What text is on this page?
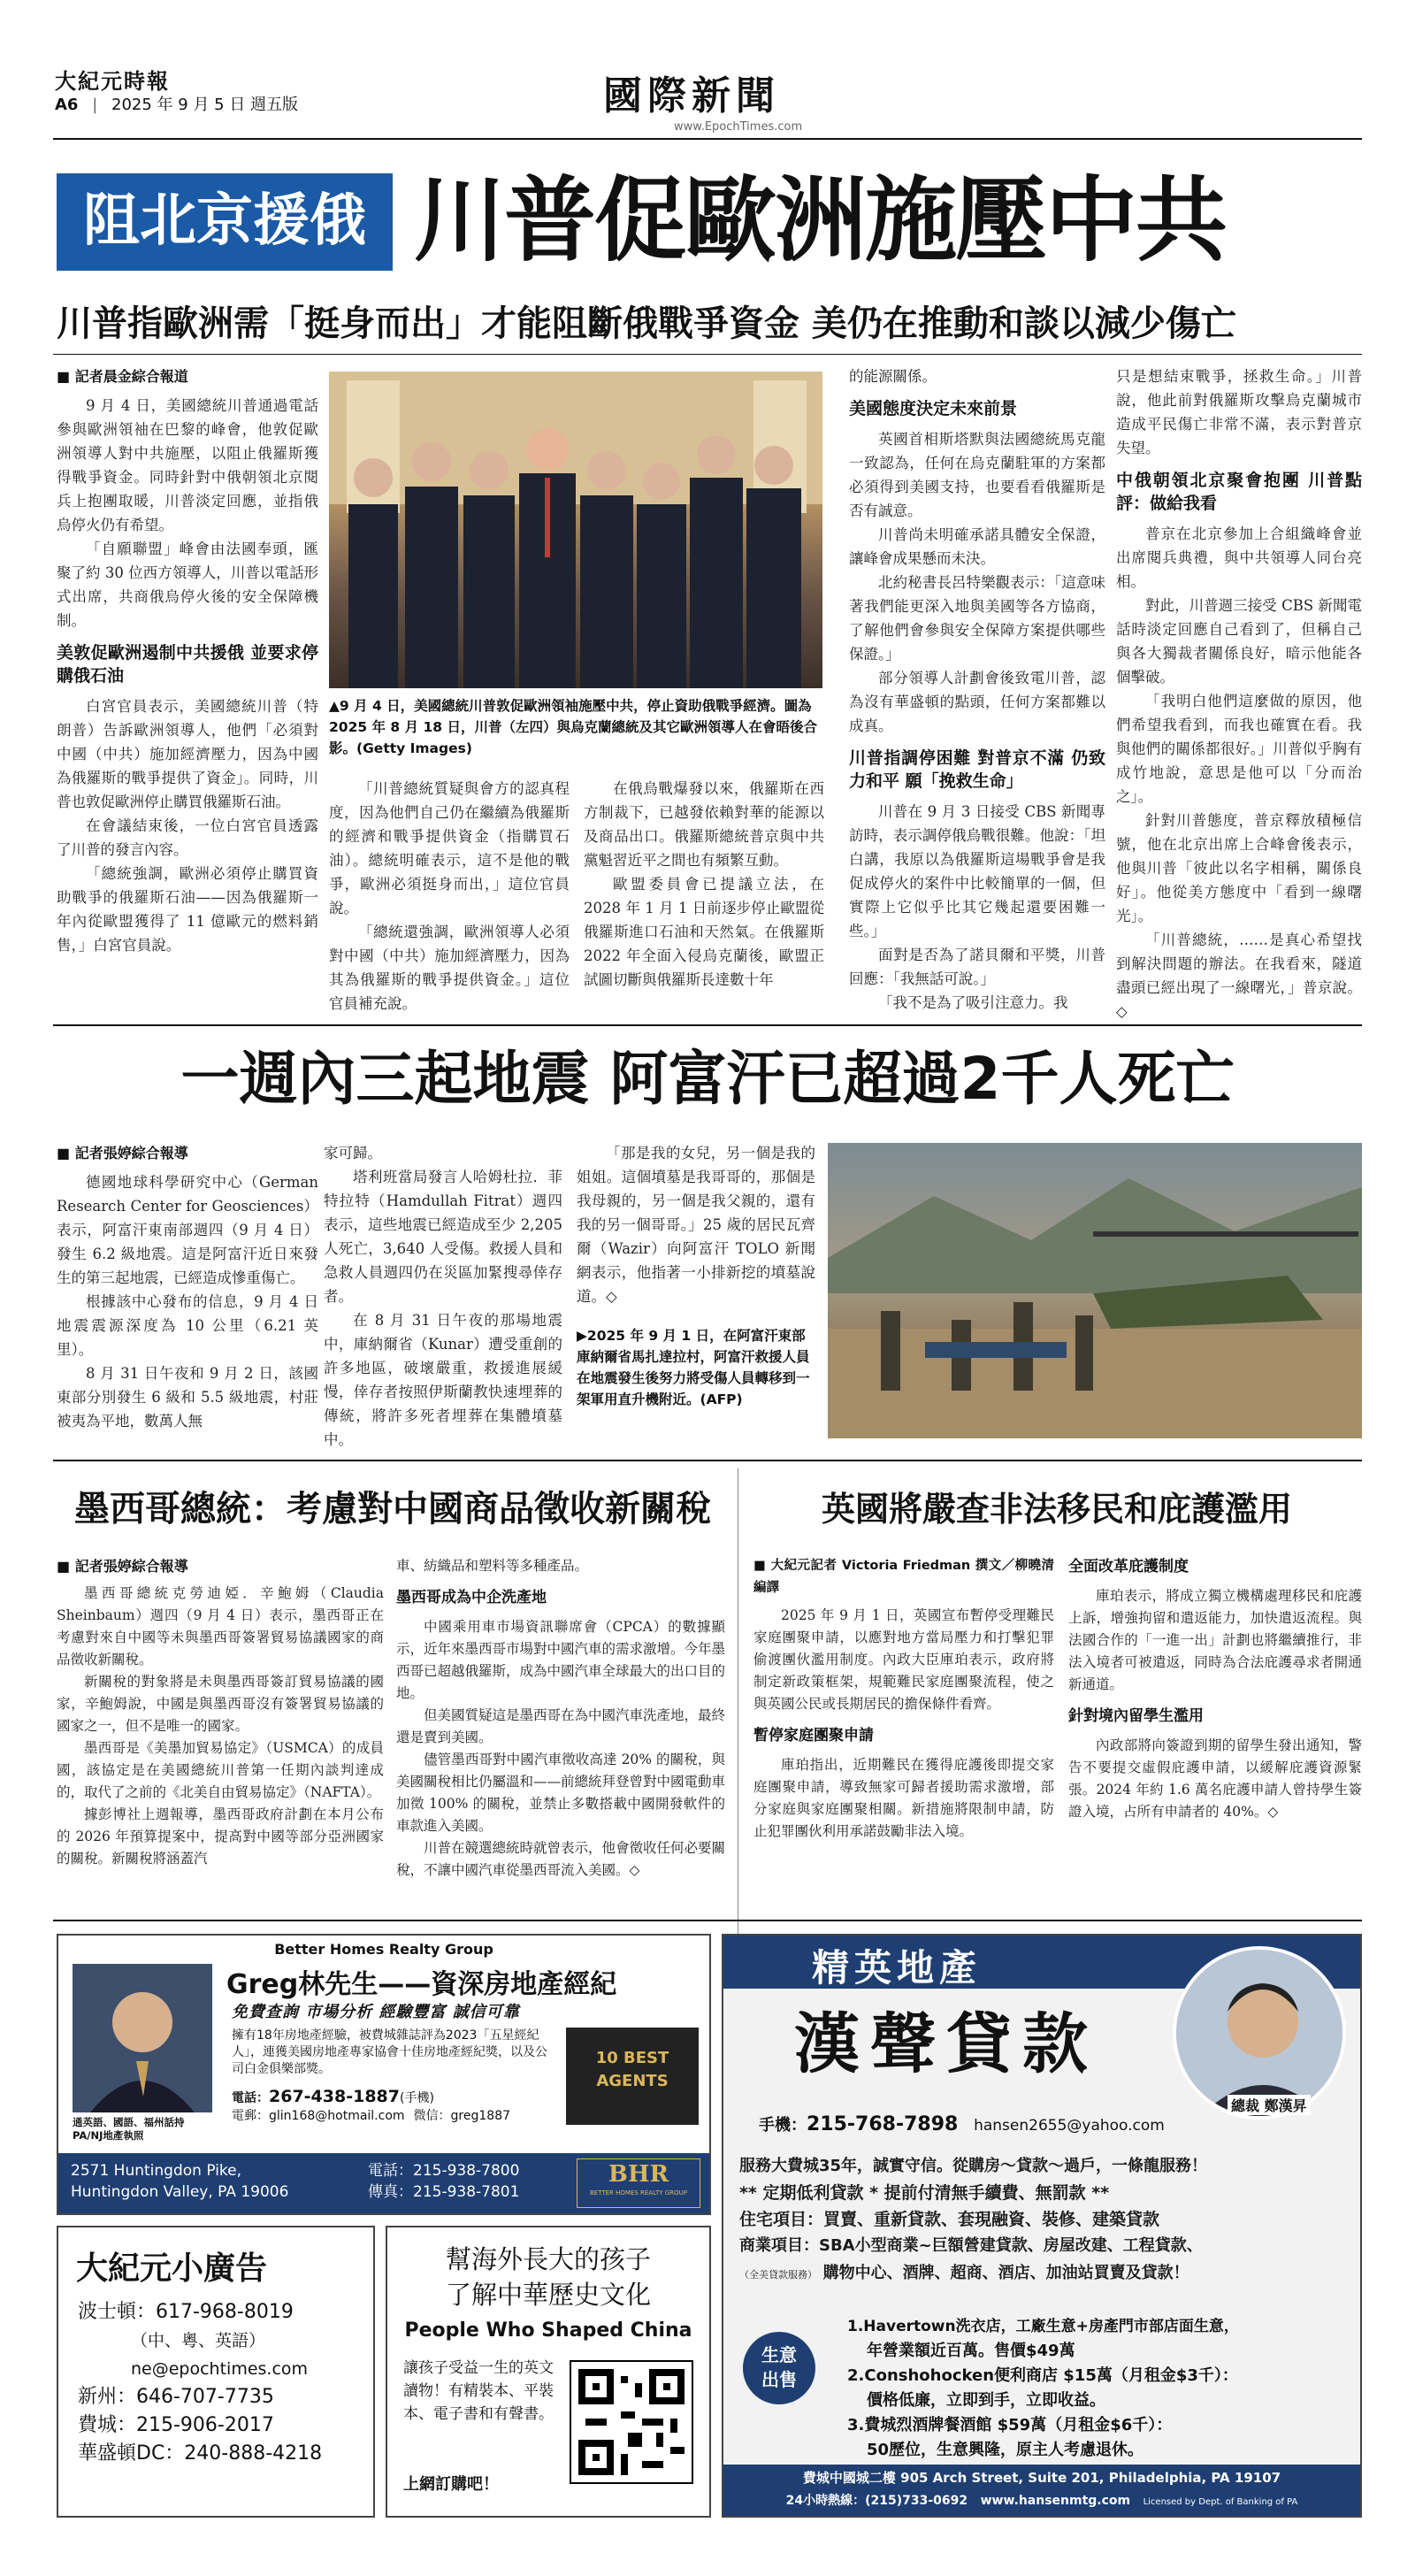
大紀元時報
A6 | 2025 年 9 月 5 日 週五版	國際新聞
www.EpochTimes.com
阻北京援俄 川普促歐洲施壓中共
川普指歐洲需「挺身而出」才能阻斷俄戰爭資金 美仍在推動和談以減少傷亡
■ 記者晨金綜合報道

9 月 4 日，美國總統川普通過電話參與歐洲領袖在巴黎的峰會，他敦促歐洲領導人對中共施壓，以阻止俄羅斯獲得戰爭資金。同時針對中俄朝領北京閱兵上抱團取暖，川普淡定回應，並指俄烏停火仍有希望。

「自願聯盟」峰會由法國奉頭，匯聚了約 30 位西方領導人，川普以電話形式出席，共商俄烏停火後的安全保障機制。

美敦促歐洲遏制中共援俄 並要求停購俄石油

白宮官員表示，美國總統川普（特朗普）告訴歐洲領導人，他們「必須對中國（中共）施加經濟壓力，因為中國為俄羅斯的戰爭提供了資金」。同時，川普也敦促歐洲停止購買俄羅斯石油。

在會議結束後，一位白宮官員透露了川普的發言內容。

「總統強調，歐洲必須停止購買資助戰爭的俄羅斯石油——因為俄羅斯一年內從歐盟獲得了 11 億歐元的燃料銷售，」白宮官員說。

▲9 月 4 日，美國總統川普敦促歐洲領袖施壓中共，停止資助俄戰爭經濟。圖為 2025 年 8 月 18 日，川普（左四）與烏克蘭總統及其它歐洲領導人在會晤後合影。(Getty Images)

「川普總統質疑與會方的認真程度，因為他們自己仍在繼續為俄羅斯的經濟和戰爭提供資金（指購買石油）。總統明確表示，這不是他的戰爭，歐洲必須挺身而出，」這位官員說。

「總統還強調，歐洲領導人必須對中國（中共）施加經濟壓力，因為其為俄羅斯的戰爭提供資金。」這位官員補充說。

在俄烏戰爆發以來，俄羅斯在西方制裁下，已越發依賴對華的能源以及商品出口。俄羅斯總統普京與中共黨魁習近平之間也有頻繁互動。

歐盟委員會已提議立法，在 2028 年 1 月 1 日前逐步停止歐盟從俄羅斯進口石油和天然氣。在俄羅斯 2022 年全面入侵烏克蘭後，歐盟正試圖切斷與俄羅斯長達數十年

的能源關係。

美國態度決定未來前景

英國首相斯塔默與法國總統馬克龍一致認為，任何在烏克蘭駐軍的方案都必須得到美國支持，也要看看俄羅斯是否有誠意。

川普尚未明確承諾具體安全保證，讓峰會成果懸而未決。

北約秘書長呂特樂觀表示：「這意味著我們能更深入地與美國等各方協商，了解他們會參與安全保障方案提供哪些保證。」

部分領導人計劃會後致電川普，認為沒有華盛頓的點頭，任何方案都難以成真。

川普指調停困難 對普京不滿 仍致力和平 願「挽救生命」

川普在 9 月 3 日接受 CBS 新聞專訪時，表示調停俄烏戰很難。他說：「坦白講，我原以為俄羅斯這場戰爭會是我促成停火的案件中比較簡單的一個，但實際上它似乎比其它幾起還要困難一些。」

面對是否為了諾貝爾和平獎，川普回應：「我無話可說。」

「我不是為了吸引注意力。我

只是想結束戰爭，拯救生命。」川普說，他此前對俄羅斯攻擊烏克蘭城市造成平民傷亡非常不滿，表示對普京失望。

中俄朝領北京聚會抱團 川普點評：做給我看

普京在北京參加上合組織峰會並出席閱兵典禮，與中共領導人同台亮相。

對此，川普週三接受 CBS 新聞電話時淡定回應自己看到了，但稱自己與各大獨裁者關係良好，暗示他能各個擊破。

「我明白他們這麼做的原因，他們希望我看到，而我也確實在看。我與他們的關係都很好。」川普似乎胸有成竹地說，意思是他可以「分而治之」。

針對川普態度，普京釋放積極信號，他在北京出席上合峰會後表示，他與川普「彼此以名字相稱，關係良好」。他從美方態度中「看到一線曙光」。

「川普總統，……是真心希望找到解決問題的辦法。在我看來，隧道盡頭已經出現了一線曙光，」普京說。◇

一週內三起地震 阿富汗已超過2千人死亡
■ 記者張婷綜合報導

德國地球科學研究中心（German Research Center for Geosciences）表示，阿富汗東南部週四（9 月 4 日）發生 6.2 級地震。這是阿富汗近日來發生的第三起地震，已經造成慘重傷亡。

根據該中心發布的信息，9 月 4 日地震震源深度為 10 公里（6.21 英里）。

8 月 31 日午夜和 9 月 2 日，該國東部分別發生 6 級和 5.5 級地震，村莊被夷為平地，數萬人無

家可歸。

塔利班當局發言人哈姆杜拉．菲特拉特（Hamdullah Fitrat）週四表示，這些地震已經造成至少 2,205 人死亡，3,640 人受傷。救援人員和急救人員週四仍在災區加緊搜尋倖存者。

在 8 月 31 日午夜的那場地震中，庫納爾省（Kunar）遭受重創的許多地區，破壞嚴重，救援進展緩慢，倖存者按照伊斯蘭教快速埋葬的傳統，將許多死者埋葬在集體墳墓中。

「那是我的女兒，另一個是我的姐姐。這個墳墓是我哥哥的，那個是我母親的，另一個是我父親的，還有我的另一個哥哥。」25 歲的居民瓦齊爾（Wazir）向阿富汗 TOLO 新聞網表示，他指著一小排新挖的墳墓說道。◇

▶2025 年 9 月 1 日，在阿富汗東部庫納爾省馬扎達拉村，阿富汗救援人員在地震發生後努力將受傷人員轉移到一架軍用直升機附近。(AFP)
墨西哥總統：考慮對中國商品徵收新關稅
■ 記者張婷綜合報導

墨西哥總統克勞迪婭．辛鮑姆（Claudia Sheinbaum）週四（9 月 4 日）表示，墨西哥正在考慮對來自中國等未與墨西哥簽署貿易協議國家的商品徵收新關稅。

新關稅的對象將是未與墨西哥簽訂貿易協議的國家，辛鮑姆說，中國是與墨西哥沒有簽署貿易協議的國家之一，但不是唯一的國家。

墨西哥是《美墨加貿易協定》（USMCA）的成員國，該協定是在美國總統川普第一任期內談判達成的，取代了之前的《北美自由貿易協定》（NAFTA）。

據彭博社上週報導，墨西哥政府計劃在本月公布的 2026 年預算提案中，提高對中國等部分亞洲國家的關稅。新關稅將涵蓋汽

車、紡織品和塑料等多種產品。

墨西哥成為中企洗產地

中國乘用車市場資訊聯席會（CPCA）的數據顯示，近年來墨西哥市場對中國汽車的需求激增。今年墨西哥已超越俄羅斯，成為中國汽車全球最大的出口目的地。

但美國質疑這是墨西哥在為中國汽車洗產地，最終還是賣到美國。

儘管墨西哥對中國汽車徵收高達 20% 的關稅，與美國關稅相比仍屬溫和——前總統拜登曾對中國電動車加徵 100% 的關稅，並禁止多數搭載中國開發軟件的車款進入美國。

川普在競選總統時就曾表示，他會徵收任何必要關稅，不讓中國汽車從墨西哥流入美國。◇

英國將嚴查非法移民和庇護濫用
■ 大紀元記者 Victoria Friedman 撰文／柳曉清編譯

2025 年 9 月 1 日，英國宣布暫停受理難民家庭團聚申請，以應對地方當局壓力和打擊犯罪偷渡團伙濫用制度。內政大臣庫珀表示，政府將制定新政策框架，規範難民家庭團聚流程，使之與英國公民或長期居民的擔保條件看齊。

暫停家庭團聚申請

庫珀指出，近期難民在獲得庇護後即提交家庭團聚申請，導致無家可歸者援助需求激增，部分家庭與家庭團聚相關。新措施將限制申請，防止犯罪團伙利用承諾鼓勵非法入境。

全面改革庇護制度

庫珀表示，將成立獨立機構處理移民和庇護上訴，增強拘留和遣返能力，加快遣返流程。與法國合作的「一進一出」計劃也將繼續推行，非法入境者可被遣返，同時為合法庇護尋求者開通新通道。

針對境內留學生濫用

內政部將向簽證到期的留學生發出通知，警告不要提交虛假庇護申請，以緩解庇護資源緊張。2024 年約 1.6 萬名庇護申請人曾持學生簽證入境，占所有申請者的 40%。◇

Better Homes Realty Group
通英語、國語、福州話持PA/NJ地產執照
Greg林先生——資深房地產經紀
免費查詢 市場分析 經驗豐富 誠信可靠
擁有18年房地產經驗，被費城雜誌評為2023「五星經紀人」，連獲美國房地產專家協會十佳房地產經紀獎，以及公司白金俱樂部獎。
電話：267-438-1887(手機)
電郵：glin168@hotmail.com 微信：greg1887
10 BEST AGENTS
2571 Huntingdon Pike,
Huntingdon Valley, PA 19006
電話：215-938-7800
傳真：215-938-7801
BHR
BETTER HOMES REALTY GROUP
大紀元小廣告
波士頓：617-968-8019
（中、粵、英語）
ne@epochtimes.com
新州：646-707-7735
費城：215-906-2017
華盛頓DC：240-888-4218
幫海外長大的孩子
了解中華歷史文化
People Who Shaped China
讓孩子受益一生的英文讀物！有精裝本、平裝本、電子書和有聲書。
上網訂購吧！
精英地產
漢聲貸款
總裁 鄭漢昇
手機：215-768-7898 hansen2655@yahoo.com
服務大費城35年，誠實守信。從購房～貸款～過戶，一條龍服務！
** 定期低利貸款 * 提前付清無手續費、無罰款 **
住宅項目：買賣、重新貸款、套現融資、裝修、建築貸款
商業項目：SBA小型商業~巨額營建貸款、房屋改建、工程貸款、
（全美貸款服務） 購物中心、酒牌、超商、酒店、加油站買賣及貸款！
生意出售
1.Havertown洗衣店，工廠生意+房產門市部店面生意，
年營業額近百萬。售價$49萬
2.Conshohocken便利商店 $15萬（月租金$3千）：
價格低廉，立即到手，立即收益。
3.費城烈酒牌餐酒館 $59萬（月租金$6千）：
50歷位，生意興隆，原主人考慮退休。
費城中國城二樓 905 Arch Street, Suite 201, Philadelphia, PA 19107
24小時熱線：(215)733-0692 www.hansenmtg.com Licensed by Dept. of Banking of PA
